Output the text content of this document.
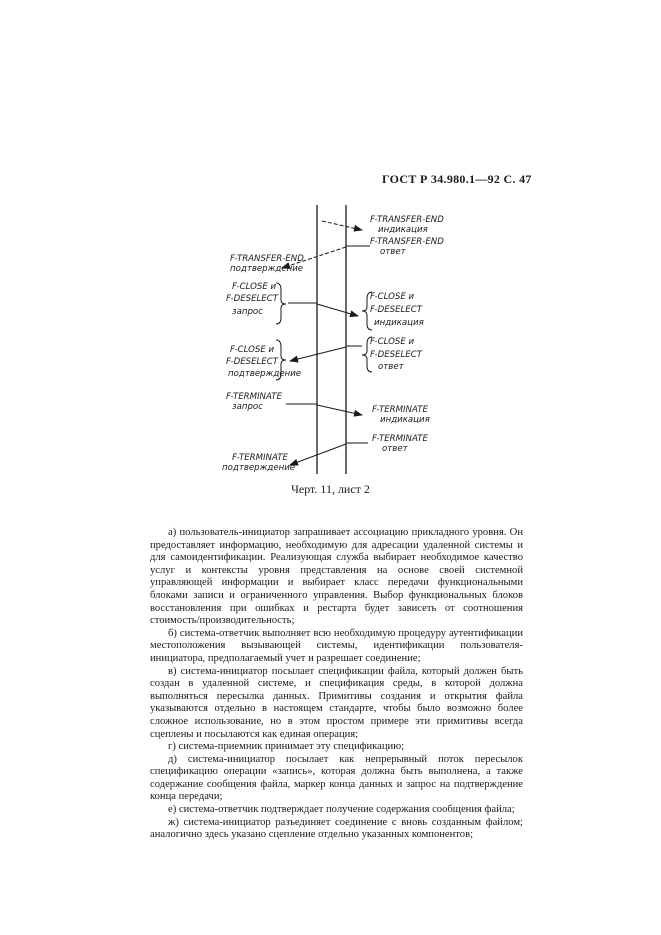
ГОСТ Р 34.980.1—92 С. 47
F-TRANSFER-END
индикация
F-TRANSFER-END
ответ
F-TRANSFER-END
подтверждение
F-CLOSE и
F-DESELECT
запрос
F-CLOSE и
F-DESELECT
индикация
F-CLOSE и
F-DESELECT
ответ
F-CLOSE и
F-DESELECT
подтверждение
F-TERMINATE
запрос	F-TERMINATE
индикация
F-TERMINATE
ответ
F-TERMINATE
подтверждение
Черт. 11, лист 2

а) пользователь-инициатор запрашивает ассоциацию прикладного уровня. Он предоставляет информацию, необходимую для адресации удаленной системы и для самоидентификации. Реализующая служба выбирает необходимое качество услуг и контексты уровня представления на основе своей системной управляющей информации и выбирает класс передачи функциональными блоками записи и ограниченного управления. Выбор функциональных блоков восстановления при ошибках и рестарта будет зависеть от соотношения стоимость/производительность;

б) система-ответчик выполняет всю необходимую процедуру аутентификации местоположения вызывающей системы, идентификации пользователя-инициатора, предполагаемый учет и разрешает соединение;

в) система-инициатор посылает спецификации файла, который должен быть создан в удаленной системе, и спецификация среды, в которой должна выполняться пересылка данных. Примитивы создания и открытия файла указываются отдельно в настоящем стандарте, чтобы было возможно более сложное использование, но в этом простом примере эти примитивы всегда сцеплены и посылаются как единая операция;

г) система-приемник принимает эту спецификацию;

д) система-инициатор посылает как непрерывный поток пересылок спецификацию операции «запись», которая должна быть выполнена, а также содержание сообщения файла, маркер конца данных и запрос на подтверждение конца передачи;

е) система-ответчик подтверждает получение содержания сообщения файла;

ж) система-инициатор разъединяет соединение с вновь созданным файлом; аналогично здесь указано сцепление отдельно указанных компонентов;
